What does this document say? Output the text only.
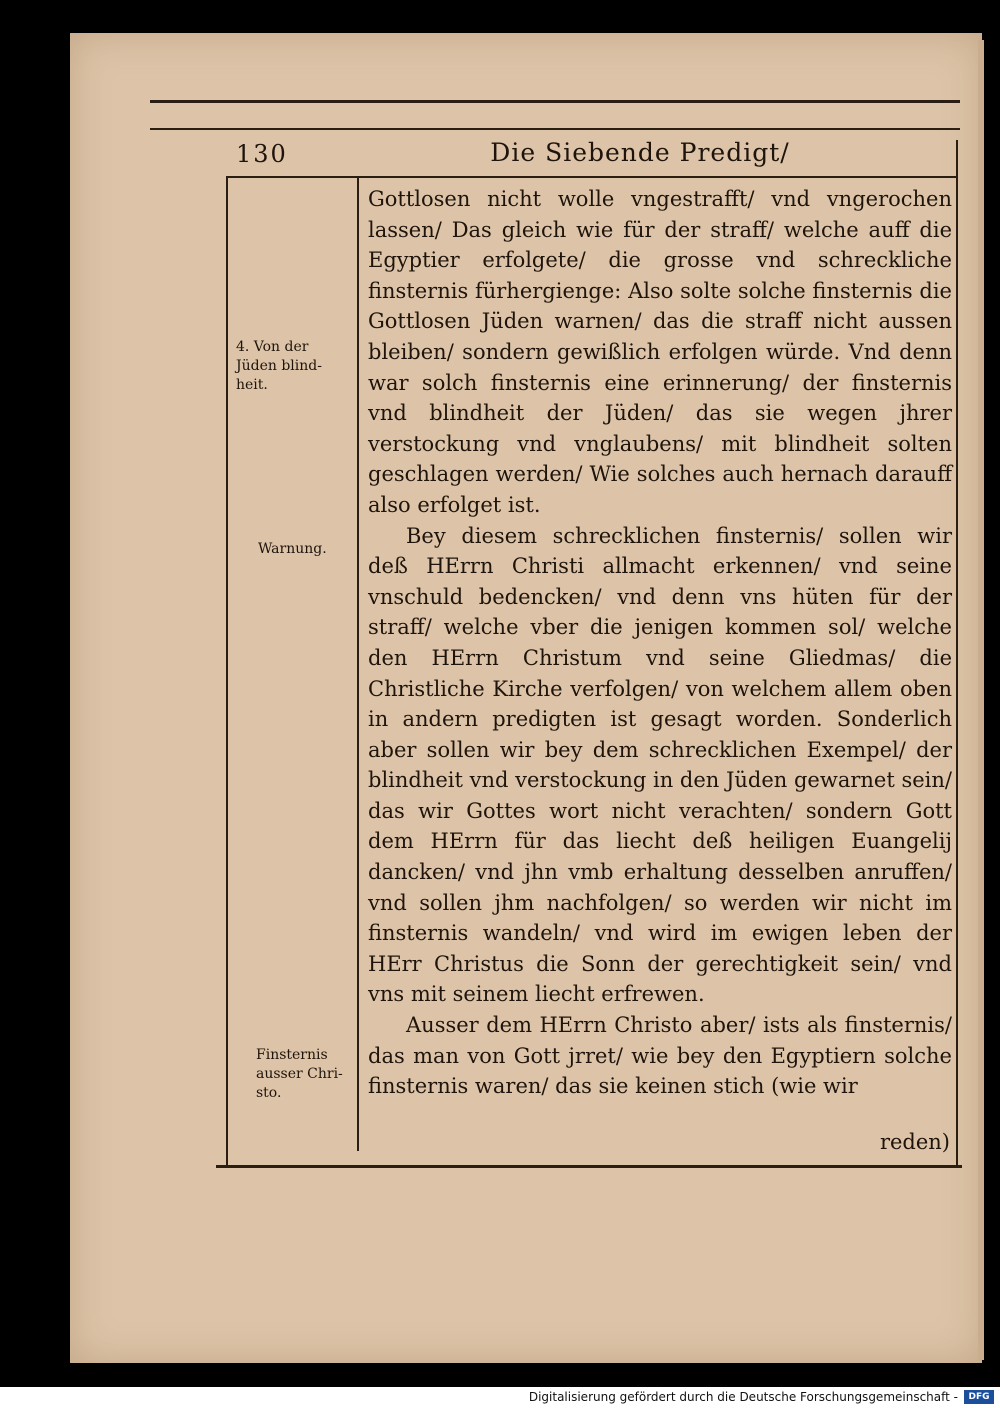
130	Die Siebende Predigt/
4. Von der Jüden blind-heit.
Warnung.
Finsternis ausser Chri-sto.

Gottlosen nicht wolle vngestrafft/ vnd vngerochen lassen/ Das gleich wie für der straff/ welche auff die Egyptier erfolgete/ die grosse vnd schreckliche finsternis fürhergienge: Also solte solche finsternis die Gottlosen Jüden warnen/ das die straff nicht aussen bleiben/ sondern gewißlich erfolgen würde. Vnd denn war solch finsternis eine erinnerung/ der finsternis vnd blindheit der Jüden/ das sie wegen jhrer verstockung vnd vnglaubens/ mit blindheit solten geschlagen werden/ Wie solches auch hernach darauff also erfolget ist.

Bey diesem schrecklichen finsternis/ sollen wir deß HErrn Christi allmacht erkennen/ vnd seine vnschuld bedencken/ vnd denn vns hüten für der straff/ welche vber die jenigen kommen sol/ welche den HErrn Christum vnd seine Gliedmas/ die Christliche Kirche verfolgen/ von welchem allem oben in andern predigten ist gesagt worden. Sonderlich aber sollen wir bey dem schrecklichen Exempel/ der blindheit vnd verstockung in den Jüden gewarnet sein/ das wir Gottes wort nicht verachten/ sondern Gott dem HErrn für das liecht deß heiligen Euangelij dancken/ vnd jhn vmb erhaltung desselben anruffen/ vnd sollen jhm nachfolgen/ so werden wir nicht im finsternis wandeln/ vnd wird im ewigen leben der HErr Christus die Sonn der gerechtigkeit sein/ vnd vns mit seinem liecht erfrewen.

Ausser dem HErrn Christo aber/ ists als finsternis/ das man von Gott jrret/ wie bey den Egyptiern solche finsternis waren/ das sie keinen stich (wie wir

reden)
Digitalisierung gefördert durch die Deutsche Forschungsgemeinschaft -	DFG
